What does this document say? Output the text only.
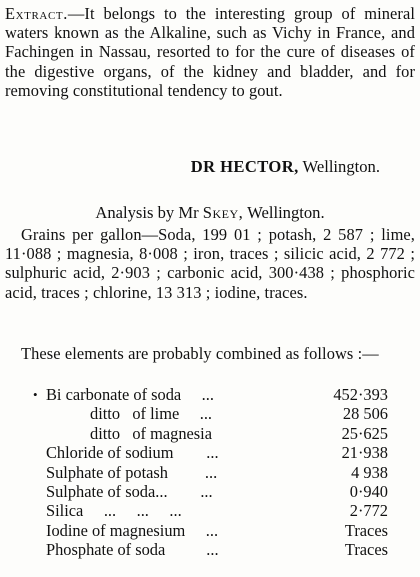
Extract.—It belongs to the interesting group of mineral waters known as the Alkaline, such as Vichy in France, and Fachingen in Nassau, resorted to for the cure of diseases of the digestive organs, of the kidney and bladder, and for removing constitutional tendency to gout.
DR HECTOR, Wellington.
Analysis by Mr Skey, Wellington.
Grains per gallon—Soda, 199 01 ; potash, 2 587 ; lime, 11·088 ; magnesia, 8·008 ; iron, traces ; silicic acid, 2 772 ; sulphuric acid, 2·903 ; carbonic acid, 300·438 ; phosphoric acid, traces ; chlorine, 13 313 ; iodine, traces.
These elements are probably combined as follows :—
• Bi carbonate of soda     ...	452·393
ditto   of lime     ...	28 506
ditto   of magnesia	25·625
Chloride of sodium        ...	21·938
Sulphate of potash         ...	4 938
Sulphate of soda...        ...	0·940
Silica     ...     ...     ...	2·772
Iodine of magnesium     ...	Traces
Phosphate of soda          ...	Traces
